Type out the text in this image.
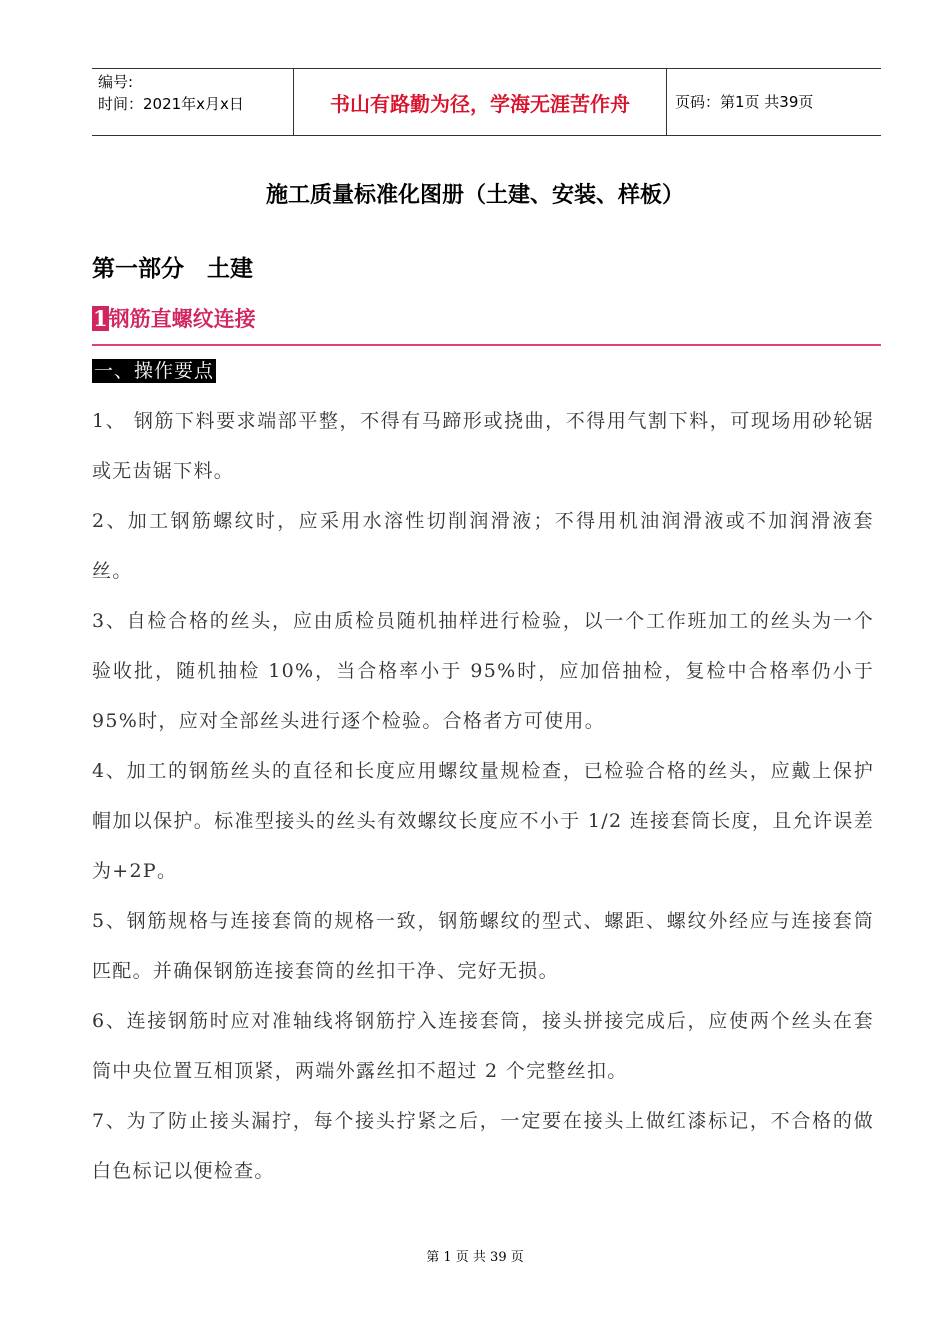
编号:
时间：2021年x月x日	书山有路勤为径，学海无涯苦作舟	页码：第1页 共39页
施工质量标准化图册（土建、安装、样板）
第一部分　土建
1钢筋直螺纹连接
一、操作要点

1、 钢筋下料要求端部平整，不得有马蹄形或挠曲，不得用气割下料，可现场用砂轮锯或无齿锯下料。

2、加工钢筋螺纹时，应采用水溶性切削润滑液；不得用机油润滑液或不加润滑液套丝。

3、自检合格的丝头，应由质检员随机抽样进行检验，以一个工作班加工的丝头为一个验收批，随机抽检 10%，当合格率小于 95%时，应加倍抽检，复检中合格率仍小于 95%时，应对全部丝头进行逐个检验。合格者方可使用。

4、加工的钢筋丝头的直径和长度应用螺纹量规检查，已检验合格的丝头，应戴上保护帽加以保护。标准型接头的丝头有效螺纹长度应不小于 1/2 连接套筒长度，且允许误差为+2P。

5、钢筋规格与连接套筒的规格一致，钢筋螺纹的型式、螺距、螺纹外经应与连接套筒匹配。并确保钢筋连接套筒的丝扣干净、完好无损。

6、连接钢筋时应对准轴线将钢筋拧入连接套筒，接头拼接完成后，应使两个丝头在套筒中央位置互相顶紧，两端外露丝扣不超过 2 个完整丝扣。

7、为了防止接头漏拧，每个接头拧紧之后，一定要在接头上做红漆标记，不合格的做白色标记以便检查。

第 1 页 共 39 页
